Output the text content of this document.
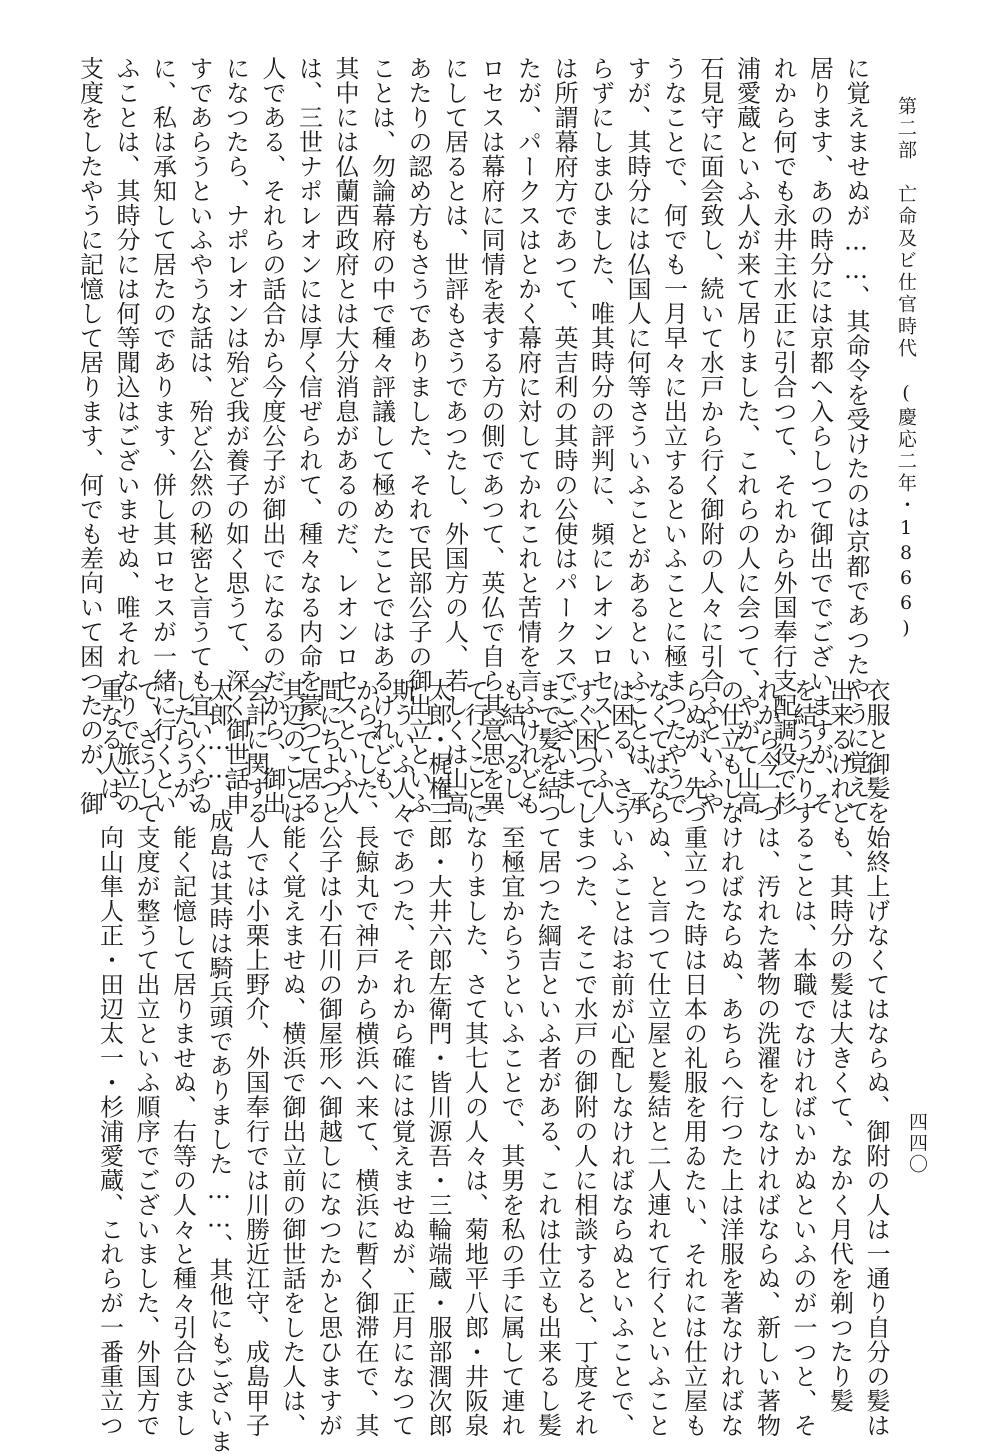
第二部　亡命及ビ仕官時代　(慶応二年・1866)
四四〇
に覚えませぬが……、其命令を受けたのは京都であつたやうに覚えて
居ります、あの時分には京都へ入らしつて御出ででございますが、そ
れから何でも永井主水正に引合つて、それから外国奉行支配調役で杉
浦愛蔵といふ人が来て居りました、これらの人に会つて、やがて山高
石見守に面会致し、続いて水戸から行く御附の人々に引合ふといふや
うなことで、何でも一月早々に出立するといふことに極まつたやうで
すが、其時分には仏国人に何等さういふことがあるといふことは、承
らずにしまひました、唯其時分の評判に、頻にレオンロセスといふ人
は所謂幕府方であつて、英吉利の其時の公使はパークスでございまし
たが、パークスはとかく幕府に対してかれこれと苦情を言ふけれども
ロセスは幕府に同情を表する方の側であつて、英仏で自ら其意思を異
にして居るとは、世評もさうであつたし、外国方の人、若しくは山高
あたりの認め方もさうでありました、それで民部公子の御出立といふ
ことは、勿論幕府の中で種々評議して極めたことではあるけれども、
其中には仏蘭西政府とは大分消息があるのだ、レオンロセスといふ人
は、三世ナポレオンには厚く信ぜられて、種々なる内命を蒙つて居る
人である、それらの話合から今度公子が御出でになるのだから、御出
になつたら、ナポレオンは殆ど我が養子の如く思うて、深く御世話申
すであらうといふやうな話は、殆ど公然の秘密と言うても宜いくらゐ
に、私は承知して居たのであります、併し其ロセスが一緒に行くとい
ふことは、其時分には何等聞込はございませぬ、唯それなりで旅立の
支度をしたやうに記憶して居ります、何でも差向いて困つたのが、御
衣服と御髪を始終上げなくてはならぬ、御附の人は一通り自分の髪は
出来るけれども、其時分の髪は大きくて、なかく月代を剃つたり髪
を結うたりすることは、本職でなければいかぬといふのが一つと、そ
れから今一つは、汚れた著物の洗濯をしなければならぬ、新しい著物
の仕立もしなければならぬ、あちらへ行つた上は洋服を著なければな
らぬが、先づ重立つた時は日本の礼服を用ゐたい、それには仕立屋も
なくてはならぬ、と言つて仕立屋と髪結と二人連れて行くといふこと
は困る、さういふことはお前が心配しなければならぬといふことで、
すぐ困つてしまつた、そこで水戸の御附の人に相談すると、丁度それ
まで髪を結つて居つた綱吉といふ者がある、これは仕立も出来るし髪
も結へるし、至極宜からうといふことで、其男を私の手に属して連れ
て行くことになりました、さて其七人の人々は、菊地平八郎・井阪泉
太郎・梶権三郎・大井六郎左衛門・皆川源吾・三輪端蔵・服部潤次郎
斯ういふ人々であつた、それから確には覚えませぬが、正月になつて
からでした、長鯨丸で神戸から横浜へ来て、横浜に暫く御滞在で、其
間にちよつと公子は小石川の御屋形へ御越しになつたかと思ひますが
其辺のことは能く覚えませぬ、横浜で御出立前の御世話をした人は、
会計に関する人では小栗上野介、外国奉行では川勝近江守、成島甲子
太郎……、成島は其時は騎兵頭でありました……、其他にもございま
したらうが、能く記憶して居りませぬ、右等の人々と種々引合ひまし
て、さうして支度が整うて出立といふ順序でございました、外国方で
重なる人は、向山隼人正・田辺太一・杉浦愛蔵、これらが一番重立つ
